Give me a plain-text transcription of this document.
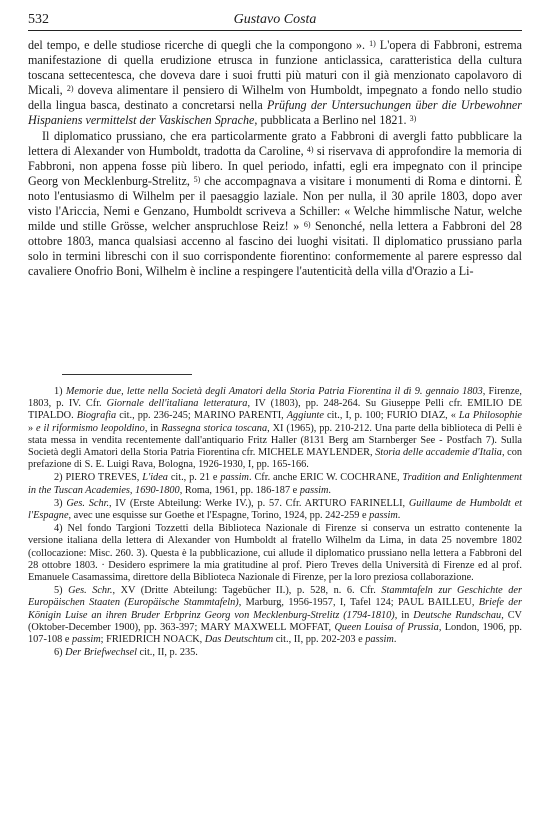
532	Gustavo Costa

del tempo, e delle studiose ricerche di quegli che la compongono ». $^{1)}$ L'opera di Fabbroni, estrema manifestazione di quella erudizione etrusca in funzione anticlassica, caratteristica della cultura toscana settecentesca, che doveva dare i suoi frutti più maturi con il già menzionato capolavoro di Micali, $^{2)}$ doveva alimentare il pensiero di Wilhelm von Humboldt, impegnato a fondo nello studio della lingua basca, destinato a concretarsi nella Prüfung der Untersuchungen über die Urbewohner Hispaniens vermittelst der Vaskischen Sprache, pubblicata a Berlino nel 1821. $^{3)}$

Il diplomatico prussiano, che era particolarmente grato a Fabbroni di avergli fatto pubblicare la lettera di Alexander von Humboldt, tradotta da Caroline, $^{4)}$ si riservava di approfondire la memoria di Fabbroni, non appena fosse più libero. In quel periodo, infatti, egli era impegnato con il principe Georg von Mecklenburg-Strelitz, $^{5)}$ che accompagnava a visitare i monumenti di Roma e dintorni. È noto l'entusiasmo di Wilhelm per il paesaggio laziale. Non per nulla, il 30 aprile 1803, dopo aver visto l'Ariccia, Nemi e Genzano, Humboldt scriveva a Schiller: « Welche himmlische Natur, welche milde und stille Grösse, welcher anspruchlose Reiz! » $^{6)}$ Senonché, nella lettera a Fabbroni del 28 ottobre 1803, manca qualsiasi accenno al fascino dei luoghi visitati. Il diplomatico prussiano parla solo in termini libreschi con il suo corrispondente fiorentino: conformemente al parere espresso dal cavaliere Onofrio Boni, Wilhelm è incline a respingere l'autenticità della villa d'Orazio a Li-

1) Memorie due, lette nella Società degli Amatori della Storia Patria Fiorentina il dì 9. gennaio 1803, Firenze, 1803, p. IV. Cfr. Giornale dell'italiana letteratura, IV (1803), pp. 248-264. Su Giuseppe Pelli cfr. EMILIO DE TIPALDO. Biografia cit., pp. 236-245; MARINO PARENTI, Aggiunte cit., I, p. 100; FURIO DIAZ, « La Philosophie » e il riformismo leopoldino, in Rassegna storica toscana, XI (1965), pp. 210-212. Una parte della biblioteca di Pelli è stata messa in vendita recentemente dall'antiquario Fritz Haller (8131 Berg am Starnberger See - Postfach 7). Sulla Società degli Amatori della Storia Patria Fiorentina cfr. MICHELE MAYLENDER, Storia delle accademie d'Italia, con prefazione di S. E. Luigi Rava, Bologna, 1926-1930, I, pp. 165-166.

2) PIERO TREVES, L'idea cit., p. 21 e passim. Cfr. anche ERIC W. COCHRANE, Tradition and Enlightenment in the Tuscan Academies, 1690-1800, Roma, 1961, pp. 186-187 e passim.

3) Ges. Schr., IV (Erste Abteilung: Werke IV.), p. 57. Cfr. ARTURO FARINELLI, Guillaume de Humboldt et l'Espagne, avec une esquisse sur Goethe et l'Espagne, Torino, 1924, pp. 242-259 e passim.

4) Nel fondo Targioni Tozzetti della Biblioteca Nazionale di Firenze si conserva un estratto contenente la versione italiana della lettera di Alexander von Humboldt al fratello Wilhelm da Lima, in data 25 novembre 1802 (collocazione: Misc. 260. 3). Questa è la pubblicazione, cui allude il diplomatico prussiano nella lettera a Fabbroni del 28 ottobre 1803. · Desidero esprimere la mia gratitudine al prof. Piero Treves della Università di Firenze ed al prof. Emanuele Casamassima, direttore della Biblioteca Nazionale di Firenze, per la loro preziosa collaborazione.

5) Ges. Schr., XV (Dritte Abteilung: Tagebücher II.), p. 528, n. 6. Cfr. Stammtafeln zur Geschichte der Europäischen Staaten (Europäische Stammtafeln), Marburg, 1956-1957, I, Tafel 124; PAUL BAILLEU, Briefe der Königin Luise an ihren Bruder Erbprinz Georg von Mecklenburg-Strelitz (1794-1810), in Deutsche Rundschau, CV (Oktober-December 1900), pp. 363-397; MARY MAXWELL MOFFAT, Queen Louisa of Prussia, London, 1906, pp. 107-108 e passim; FRIEDRICH NOACK, Das Deutschtum cit., II, pp. 202-203 e passim.

6) Der Briefwechsel cit., II, p. 235.
